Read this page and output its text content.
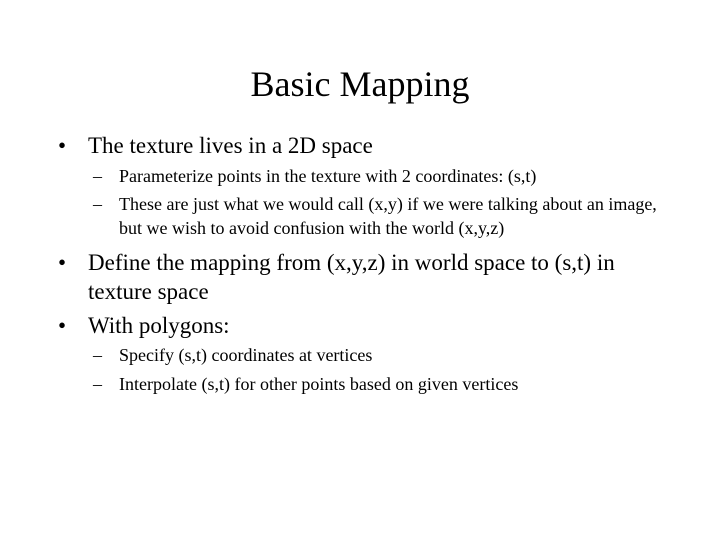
Basic Mapping
• The texture lives in a 2D space
– Parameterize points in the texture with 2 coordinates: (s,t)
– These are just what we would call (x,y) if we were talking about an image, but we wish to avoid confusion with the world (x,y,z)
• Define the mapping from (x,y,z) in world space to (s,t) in texture space
• With polygons:
– Specify (s,t) coordinates at vertices
– Interpolate (s,t) for other points based on given vertices
